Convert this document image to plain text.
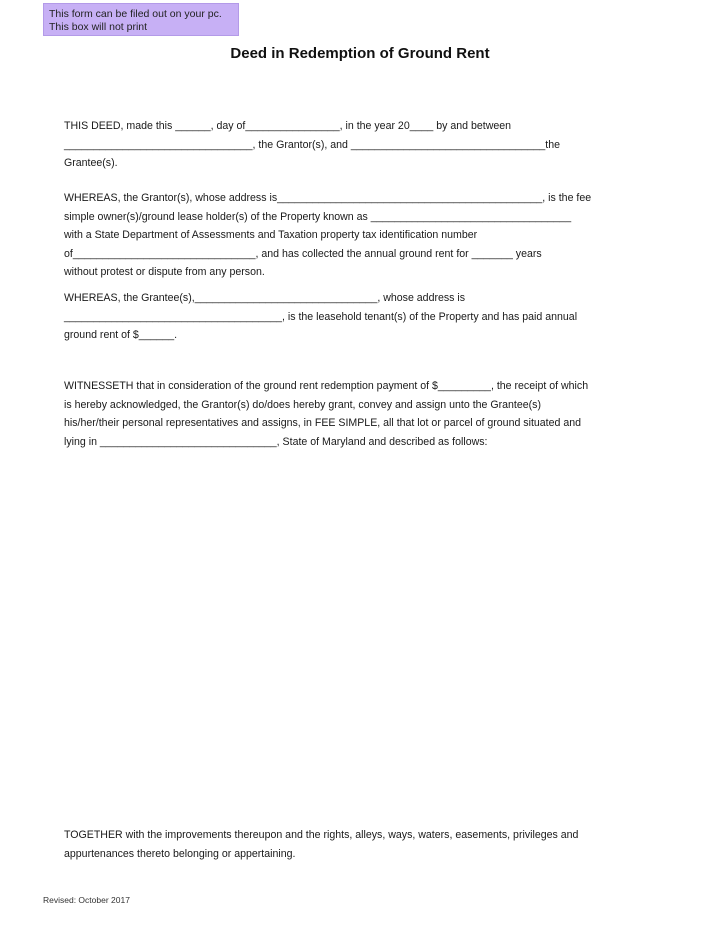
This form can be filed out on your pc.
This box will not print
Deed in Redemption of Ground Rent
THIS DEED, made this ______, day of________________, in the year 20____ by and between
________________________________, the Grantor(s), and _________________________________the
Grantee(s).
WHEREAS, the Grantor(s), whose address is_____________________________________________, is the fee
simple owner(s)/ground lease holder(s) of the Property known as __________________________________
with a State Department of Assessments and Taxation property tax identification number
of_______________________________, and has collected the annual ground rent for _______ years
without protest or dispute from any person.
WHEREAS, the Grantee(s),_______________________________, whose address is
_____________________________________, is the leasehold tenant(s) of the Property and has paid annual
ground rent of $______.
WITNESSETH that in consideration of the ground rent redemption payment of $_________, the receipt of which
is hereby acknowledged, the Grantor(s) do/does hereby grant, convey and assign unto the Grantee(s)
his/her/their personal representatives and assigns, in FEE SIMPLE, all that lot or parcel of ground situated and
lying in ______________________________, State of Maryland and described as follows:
TOGETHER with the improvements thereupon and the rights, alleys, ways, waters, easements, privileges and
appurtenances thereto belonging or appertaining.
Revised: October 2017
